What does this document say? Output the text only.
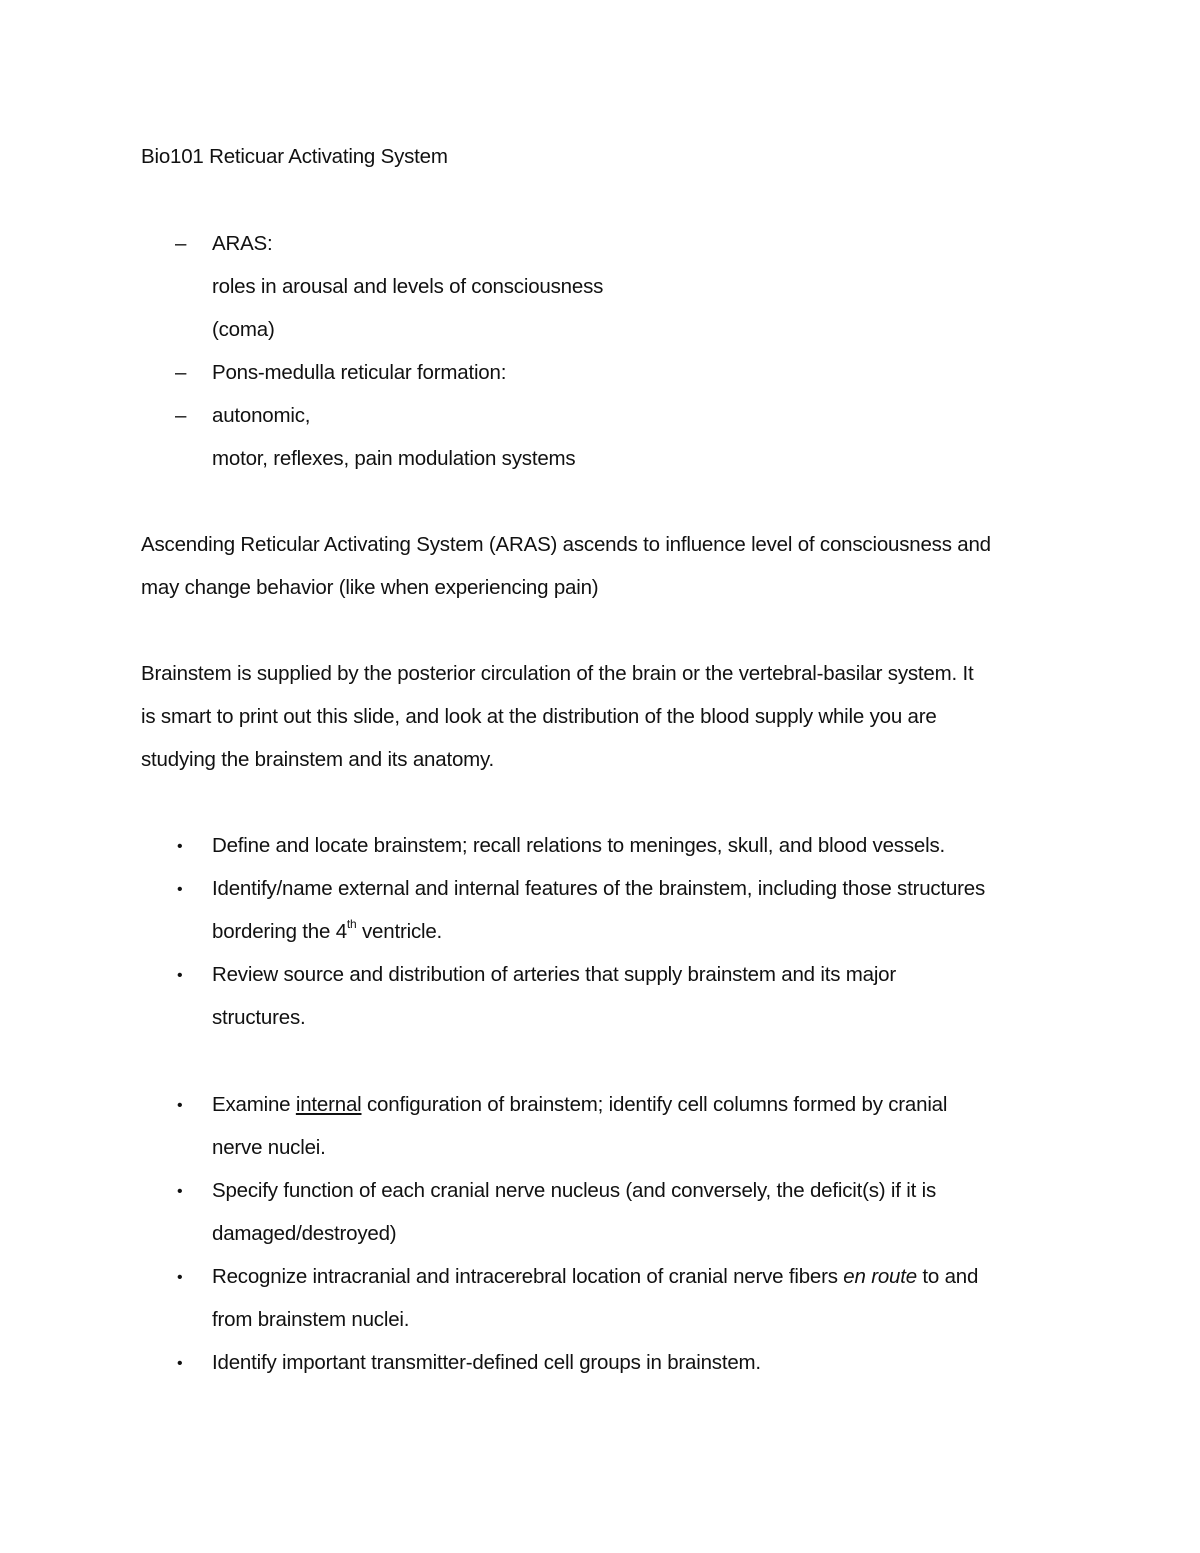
Bio101 Reticuar Activating System
– ARAS:
roles in arousal and levels of consciousness
(coma)
– Pons-medulla reticular formation:
– autonomic,
motor, reflexes, pain modulation systems
Ascending Reticular Activating System (ARAS) ascends to influence level of consciousness and
may change behavior (like when experiencing pain)
Brainstem is supplied by the posterior circulation of the brain or the vertebral-basilar system. It
is smart to print out this slide, and look at the distribution of the blood supply while you are
studying the brainstem and its anatomy.
• Define and locate brainstem; recall relations to meninges, skull, and blood vessels.
• Identify/name external and internal features of the brainstem, including those structures
bordering the 4th ventricle.
• Review source and distribution of arteries that supply brainstem and its major
structures.
• Examine internal configuration of brainstem; identify cell columns formed by cranial
nerve nuclei.
• Specify function of each cranial nerve nucleus (and conversely, the deficit(s) if it is
damaged/destroyed)
• Recognize intracranial and intracerebral location of cranial nerve fibers en route to and
from brainstem nuclei.
• Identify important transmitter-defined cell groups in brainstem.
